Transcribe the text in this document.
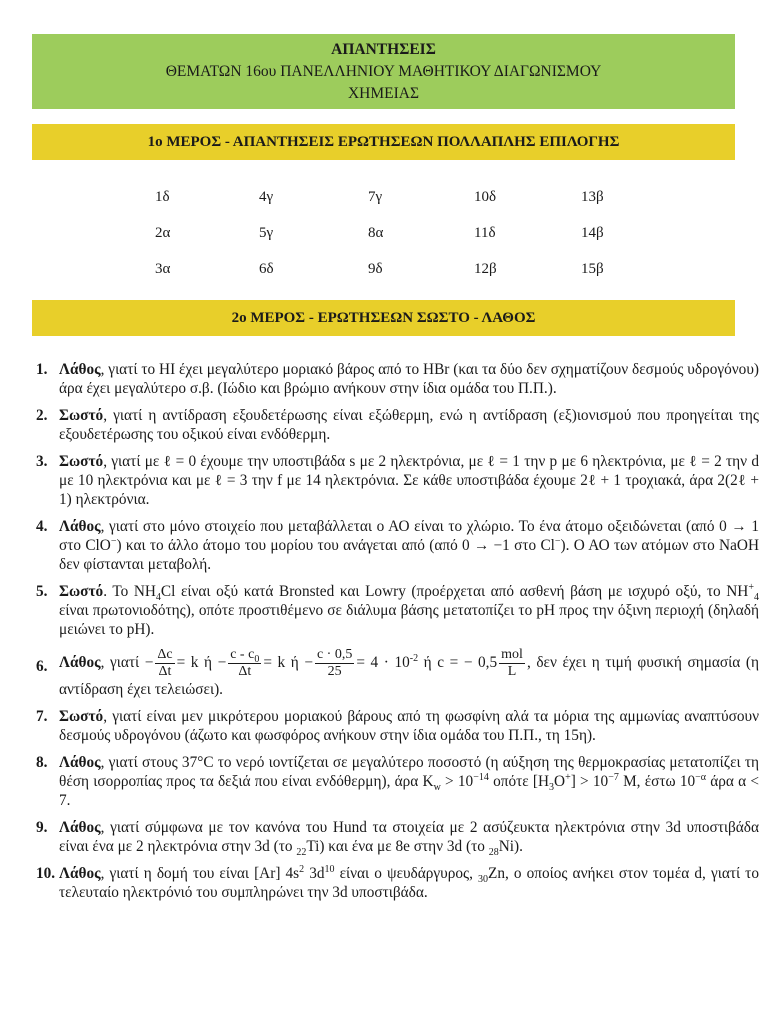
ΑΠΑΝΤΗΣΕΙΣ
ΘΕΜΑΤΩΝ 16ου ΠΑΝΕΛΛΗΝΙΟΥ ΜΑΘΗΤΙΚΟΥ ΔΙΑΓΩΝΙΣΜΟΥ
ΧΗΜΕΙΑΣ
1ο ΜΕΡΟΣ - ΑΠΑΝΤΗΣΕΙΣ ΕΡΩΤΗΣΕΩΝ ΠΟΛΛΑΠΛΗΣ ΕΠΙΛΟΓΗΣ
1δ	4γ	7γ	10δ	13β
2α	5γ	8α	11δ	14β
3α	6δ	9δ	12β	15β
2ο ΜΕΡΟΣ - ΕΡΩΤΗΣΕΩΝ ΣΩΣΤΟ - ΛΑΘΟΣ
1. Λάθος, γιατί το HI έχει μεγαλύτερο μοριακό βάρος από το HBr (και τα δύο δεν σχηματίζουν δεσμούς υδρογόνου) άρα έχει μεγαλύτερο σ.β. (Ιώδιο και βρώμιο ανήκουν στην ίδια ομάδα του Π.Π.).
2. Σωστό, γιατί η αντίδραση εξουδετέρωσης είναι εξώθερμη, ενώ η αντίδραση (εξ)ιονισμού που προηγείται της εξουδετέρωσης του οξικού είναι ενδόθερμη.
3. Σωστό, γιατί με ℓ = 0 έχουμε την υποστιβάδα s με 2 ηλεκτρόνια, με ℓ = 1 την p με 6 ηλεκτρόνια, με ℓ = 2 την d με 10 ηλεκτρόνια και με ℓ = 3 την f με 14 ηλεκτρόνια. Σε κάθε υποστιβάδα έχουμε 2ℓ + 1 τροχιακά, άρα 2(2ℓ + 1) ηλεκτρόνια.
4. Λάθος, γιατί στο μόνο στοιχείο που μεταβάλλεται ο ΑΟ είναι το χλώριο. Το ένα άτομο οξειδώνεται (από 0 → 1 στο ClO−) και το άλλο άτομο του μορίου του ανάγεται από (από 0 → −1 στο Cl−). Ο ΑΟ των ατόμων στο NaOH δεν φίστανται μεταβολή.
5. Σωστό. Το $NH_4Cl$ είναι οξύ κατά Bronsted και Lowry (προέρχεται από ασθενή βάση με ισχυρό οξύ, το $NH^+_4$ είναι πρωτονιοδότης), οπότε προστιθέμενο σε διάλυμα βάσης μετατοπίζει το pH προς την όξινη περιοχή (δηλαδή μειώνει το pH).
6. Λάθος, $\gamma\iota\alpha\tau ί - \frac{\Delta c}{\Delta t} = k$ $ή - \frac{c - c_0}{\Delta t} = k$ $ή - \frac{c \cdot 0,5}{25} = 4 \cdot 10^{-2}$ ή c = − $0,5 \frac{\text{mol}}{L}$ , δεν έχει η τιμή φυσική σημασία (η αντίδραση έχει τελειώσει).
7. Σωστό, γιατί είναι μεν μικρότερου μοριακού βάρους από τη φωσφίνη αλά τα μόρια της αμμωνίας αναπτύσουν δεσμούς υδρογόνου (άζωτο και φωσφόρος ανήκουν στην ίδια ομάδα του Π.Π., τη 15η).
8. Λάθος, γιατί στους 37°C το νερό ιοντίζεται σε μεγαλύτερο ποσοστό (η αύξηση της θερμοκρασίας μετατοπίζει τη θέση ισορροπίας προς τα δεξιά που είναι ενδόθερμη), άρα $K_w > 10^{-14}$ οπότε $[H_3O^+] > 10^{-7}$ M, έστω $10^{-\alpha}$ άρα α < 7.
9. Λάθος, γιατί σύμφωνα με τον κανόνα του Hund τα στοιχεία με 2 ασύζευκτα ηλεκτρόνια στην 3d υποστιβάδα είναι ένα με 2 ηλεκτρόνια στην 3d (το $_{22}$Ti) και ένα με 8e στην 3d (το $_{28}$Ni).
10. Λάθος, γιατί η δομή του είναι [Ar] $4s^2$ $3d^{10}$ είναι ο ψευδάργυρος, $_{30}$Zn, ο οποίος ανήκει στον τομέα d, γιατί το τελευταίο ηλεκτρόνιό του συμπληρώνει την 3d υποστιβάδα.
